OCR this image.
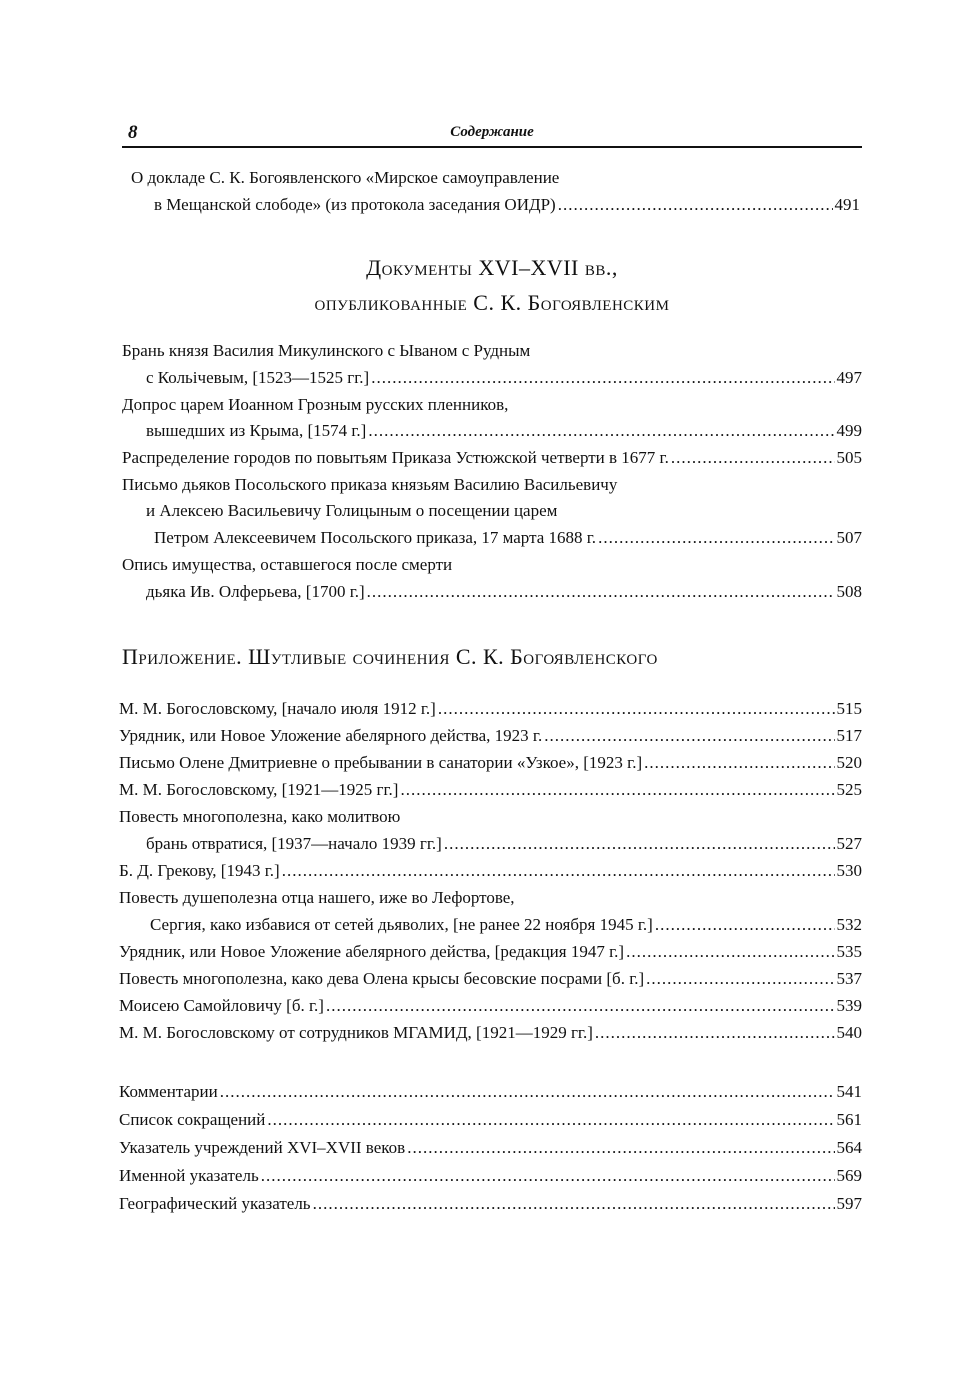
8	Содержание
О докладе С. К. Богоявленского «Мирское самоуправление
в Мещанской слободе» (из протокола заседания ОИДР) .....	491
Документы XVI–XVII вв.,
опубликованные С. К. Богоявленским
Брань князя Василия Микулинского с Ываном с Рудным
с Кольічевым, [1523—1525 гг.] .....	497
Допрос царем Иоанном Грозным русских пленников,
вышедших из Крыма, [1574 г.] .....	499
Распределение городов по повытьям Приказа Устюжской четверти в 1677 г. .....	505
Письмо дьяков Посольского приказа князьям Василию Васильевичу
и Алексею Васильевичу Голицыным о посещении царем
Петром Алексеевичем Посольского приказа, 17 марта 1688 г. .....	507
Опись имущества, оставшегося после смерти
дьяка Ив. Олферьева, [1700 г.] .....	508
Приложение. Шутливые сочинения С. К. Богоявленского
М. М. Богословскому, [начало июля 1912 г.] .....	515
Урядник, или Новое Уложение абелярного действа, 1923 г. .....	517
Письмо Олене Дмитриевне о пребывании в санатории «Узкое», [1923 г.] .....	520
М. М. Богословскому, [1921—1925 гг.] .....	525
Повесть многополезна, како молитвою
брань отвратися, [1937—начало 1939 гг.] .....	527
Б. Д. Грекову, [1943 г.] .....	530
Повесть душеполезна отца нашего, иже во Лефортове,
Сергия, како избавися от сетей дьяволих, [не ранее 22 ноября 1945 г.] .....	532
Урядник, или Новое Уложение абелярного действа, [редакция 1947 г.] .....	535
Повесть многополезна, како дева Олена крысы бесовские посрами [б. г.] .....	537
Моисею Самойловичу [б. г.] .....	539
М. М. Богословскому от сотрудников МГАМИД, [1921—1929 гг.] .....	540
Комментарии .....	541
Список сокращений .....	561
Указатель учреждений XVI–XVII веков .....	564
Именной указатель .....	569
Географический указатель .....	597
